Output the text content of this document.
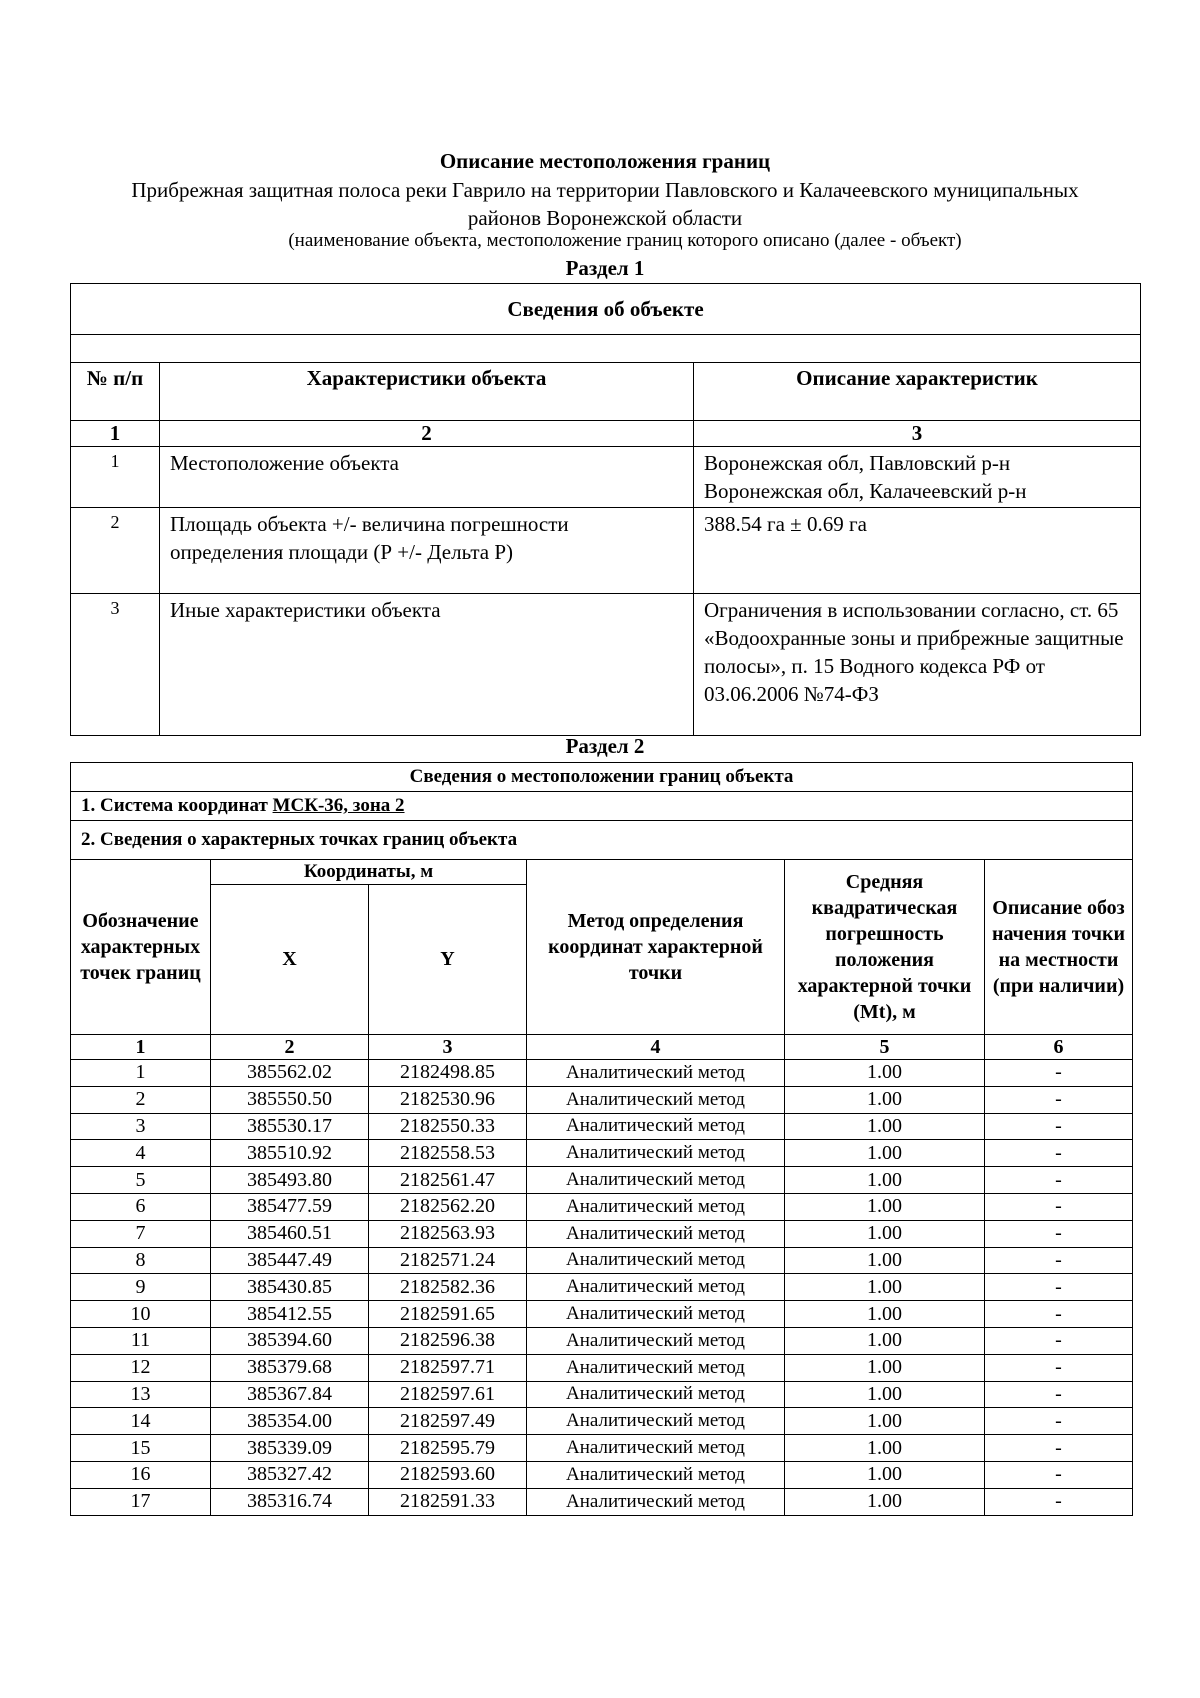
Описание местоположения границ
Прибрежная защитная полоса реки Гаврило на территории Павловского и Калачеевского муниципальных районов Воронежской области
(наименование объекта, местоположение границ которого описано (далее - объект)
Раздел 1
Сведения об объекте		

№ п/п	Характеристики объекта	Описание характеристик
1	2	3
1	Местоположение объекта	Воронежская обл, Павловский р-н Воронежская обл, Калачеевский р-н
2	Площадь объекта +/- величина погрешности определения площади (Р +/- Дельта Р)	388.54 га ± 0.69 га
3	Иные характеристики объекта	Ограничения в использовании согласно, ст. 65 «Водоохранные зоны и прибрежные защитные полосы», п. 15 Водного кодекса РФ от 03.06.2006 №74-ФЗ
Раздел 2
Сведения о местоположении границ объекта					
1. Система координат МСК-36, зона 2					
2. Сведения о характерных точках границ объекта					
Обозначение характерных точек границ	Координаты, м		Метод определения координат характерной точки	Средняя квадратическая погрешность положения характерной точки (Mt), м	Описание обозначения точки на местности (при наличии)
	X	Y			
1	2	3	4	5	6
1	385562.02	2182498.85	Аналитический метод	1.00	-
2	385550.50	2182530.96	Аналитический метод	1.00	-
3	385530.17	2182550.33	Аналитический метод	1.00	-
4	385510.92	2182558.53	Аналитический метод	1.00	-
5	385493.80	2182561.47	Аналитический метод	1.00	-
6	385477.59	2182562.20	Аналитический метод	1.00	-
7	385460.51	2182563.93	Аналитический метод	1.00	-
8	385447.49	2182571.24	Аналитический метод	1.00	-
9	385430.85	2182582.36	Аналитический метод	1.00	-
10	385412.55	2182591.65	Аналитический метод	1.00	-
11	385394.60	2182596.38	Аналитический метод	1.00	-
12	385379.68	2182597.71	Аналитический метод	1.00	-
13	385367.84	2182597.61	Аналитический метод	1.00	-
14	385354.00	2182597.49	Аналитический метод	1.00	-
15	385339.09	2182595.79	Аналитический метод	1.00	-
16	385327.42	2182593.60	Аналитический метод	1.00	-
17	385316.74	2182591.33	Аналитический метод	1.00	-
